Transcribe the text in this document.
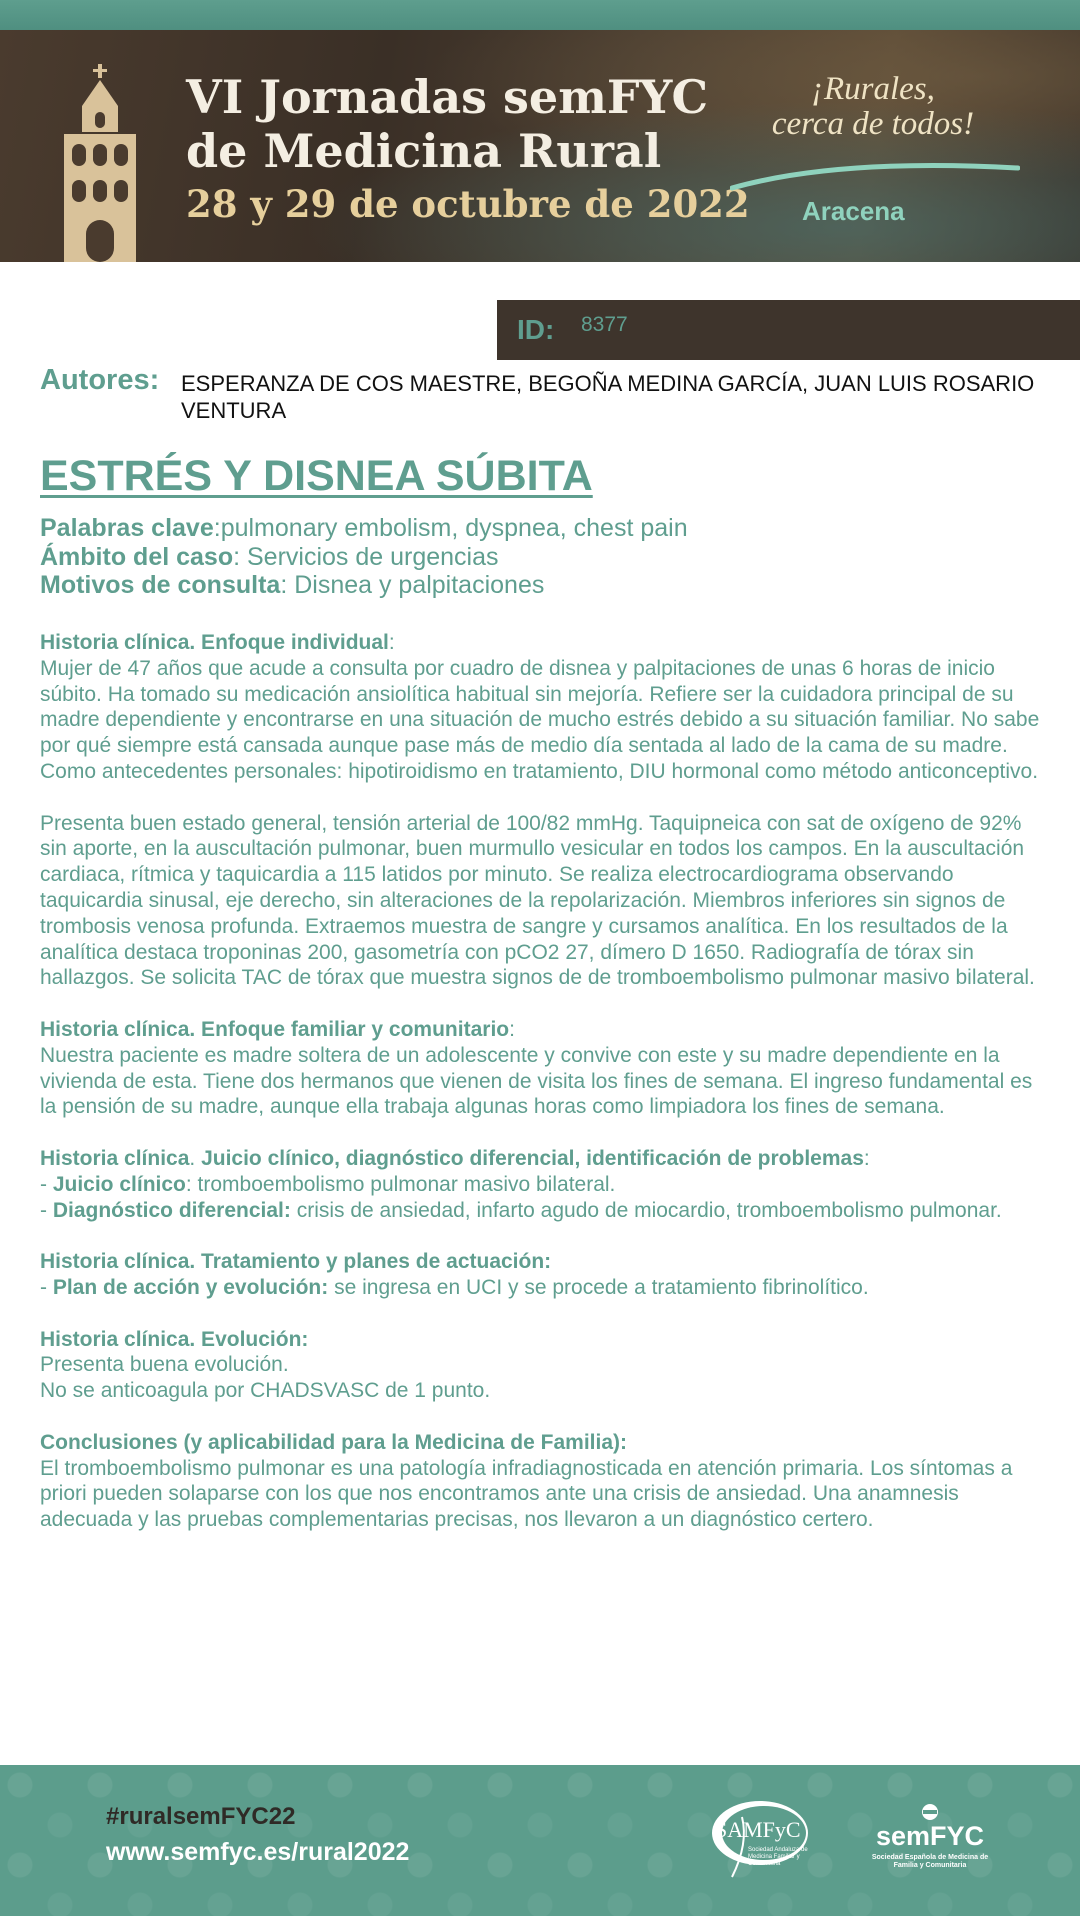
VI Jornadas semFYC
de Medicina Rural
28 y 29 de octubre de 2022
¡Rurales,
cerca de todos!
Aracena
ID: 8377
Autores: ESPERANZA DE COS MAESTRE, BEGOÑA MEDINA GARCÍA, JUAN LUIS ROSARIO VENTURA
ESTRÉS Y DISNEA SÚBITA
Palabras clave:pulmonary embolism, dyspnea, chest pain
Ámbito del caso: Servicios de urgencias
Motivos de consulta: Disnea y palpitaciones

Historia clínica. Enfoque individual:
Mujer de 47 años que acude a consulta por cuadro de disnea y palpitaciones de unas 6 horas de inicio súbito. Ha tomado su medicación ansiolítica habitual sin mejoría. Refiere ser la cuidadora principal de su madre dependiente y encontrarse en una situación de mucho estrés debido a su situación familiar. No sabe por qué siempre está cansada aunque pase más de medio día sentada al lado de la cama de su madre. Como antecedentes personales: hipotiroidismo en tratamiento, DIU hormonal como método anticonceptivo.

Presenta buen estado general, tensión arterial de 100/82 mmHg. Taquipneica con sat de oxígeno de 92% sin aporte, en la auscultación pulmonar, buen murmullo vesicular en todos los campos. En la auscultación cardiaca, rítmica y taquicardia a 115 latidos por minuto. Se realiza electrocardiograma observando taquicardia sinusal, eje derecho, sin alteraciones de la repolarización. Miembros inferiores sin signos de trombosis venosa profunda. Extraemos muestra de sangre y cursamos analítica. En los resultados de la analítica destaca troponinas 200, gasometría con pCO2 27, dímero D 1650. Radiografía de tórax sin hallazgos. Se solicita TAC de tórax que muestra signos de de tromboembolismo pulmonar masivo bilateral.

Historia clínica. Enfoque familiar y comunitario:
Nuestra paciente es madre soltera de un adolescente y convive con este y su madre dependiente en la vivienda de esta. Tiene dos hermanos que vienen de visita los fines de semana. El ingreso fundamental es la pensión de su madre, aunque ella trabaja algunas horas como limpiadora los fines de semana.

Historia clínica. Juicio clínico, diagnóstico diferencial, identificación de problemas:
- Juicio clínico: tromboembolismo pulmonar masivo bilateral.
- Diagnóstico diferencial: crisis de ansiedad, infarto agudo de miocardio, tromboembolismo pulmonar.

Historia clínica. Tratamiento y planes de actuación:
- Plan de acción y evolución: se ingresa en UCI y se procede a tratamiento fibrinolítico.

Historia clínica. Evolución:
Presenta buena evolución.
No se anticoagula por CHADSVASC de 1 punto.

Conclusiones (y aplicabilidad para la Medicina de Familia):
El tromboembolismo pulmonar es una patología infradiagnosticada en atención primaria. Los síntomas a priori pueden solaparse con los que nos encontramos ante una crisis de ansiedad. Una anamnesis adecuada y las pruebas complementarias precisas, nos llevaron a un diagnóstico certero.

#ruralsemFYC22
www.semfyc.es/rural2022
SAMFyC
Sociedad Andaluza de Medicina Familiar y Comunitaria
semFYC
Sociedad Española de Medicina de Familia y Comunitaria
